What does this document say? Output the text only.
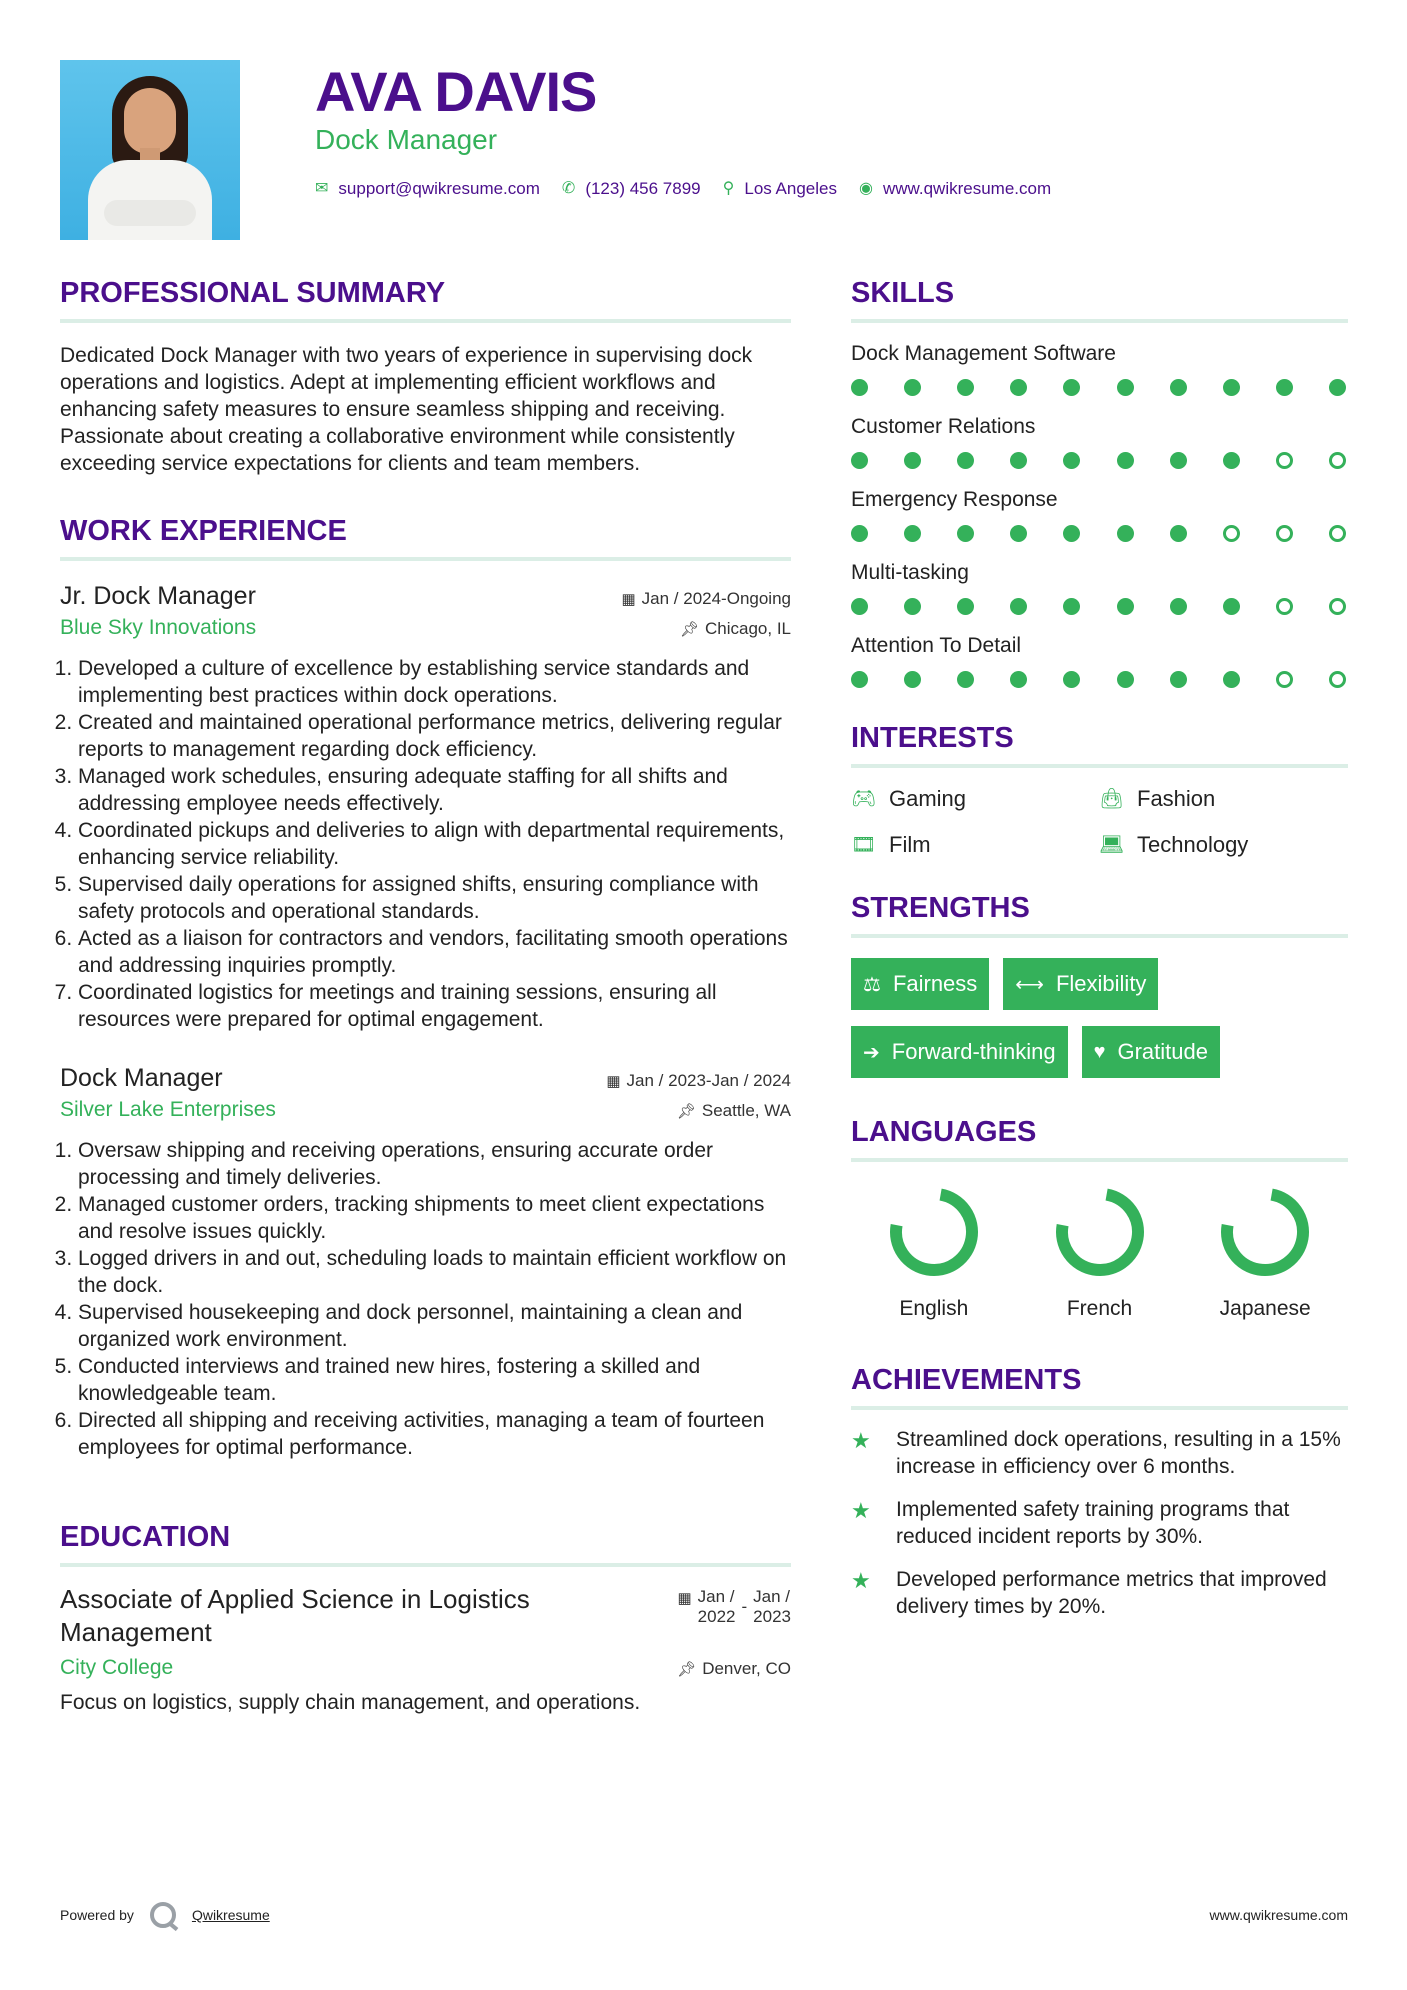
AVA DAVIS
Dock Manager
✉ support@qwikresume.com ✆ (123) 456 7899 ⚲ Los Angeles ◉ www.qwikresume.com
PROFESSIONAL SUMMARY
Dedicated Dock Manager with two years of experience in supervising dock operations and logistics. Adept at implementing efficient workflows and enhancing safety measures to ensure seamless shipping and receiving. Passionate about creating a collaborative environment while consistently exceeding service expectations for clients and team members.
WORK EXPERIENCE
Jr. Dock Manager	▦ Jan / 2024-Ongoing
Blue Sky Innovations	📌︎ Chicago, IL
1. Developed a culture of excellence by establishing service standards and implementing best practices within dock operations.
2. Created and maintained operational performance metrics, delivering regular reports to management regarding dock efficiency.
3. Managed work schedules, ensuring adequate staffing for all shifts and addressing employee needs effectively.
4. Coordinated pickups and deliveries to align with departmental requirements, enhancing service reliability.
5. Supervised daily operations for assigned shifts, ensuring compliance with safety protocols and operational standards.
6. Acted as a liaison for contractors and vendors, facilitating smooth operations and addressing inquiries promptly.
7. Coordinated logistics for meetings and training sessions, ensuring all resources were prepared for optimal engagement.
Dock Manager	▦ Jan / 2023-Jan / 2024
Silver Lake Enterprises	📌︎ Seattle, WA
1. Oversaw shipping and receiving operations, ensuring accurate order processing and timely deliveries.
2. Managed customer orders, tracking shipments to meet client expectations and resolve issues quickly.
3. Logged drivers in and out, scheduling loads to maintain efficient workflow on the dock.
4. Supervised housekeeping and dock personnel, maintaining a clean and organized work environment.
5. Conducted interviews and trained new hires, fostering a skilled and knowledgeable team.
6. Directed all shipping and receiving activities, managing a team of fourteen employees for optimal performance.
EDUCATION
Associate of Applied Science in Logistics Management
▦ Jan /
2022
-
Jan /
2023
City College	📌︎ Denver, CO
Focus on logistics, supply chain management, and operations.
SKILLS
Dock Management Software
Customer Relations
Emergency Response
Multi-tasking
Attention To Detail
INTERESTS
🎮︎ Gaming	👜︎ Fashion
🎞︎ Film	💻︎ Technology
STRENGTHS
⚖ Fairness ⟷ Flexibility
➔ Forward-thinking ♥ Gratitude
LANGUAGES
English	French	Japanese
ACHIEVEMENTS
★	Streamlined dock operations, resulting in a 15% increase in efficiency over 6 months.
★	Implemented safety training programs that reduced incident reports by 30%.
★	Developed performance metrics that improved delivery times by 20%.
Powered by	Qwikresume	www.qwikresume.com
